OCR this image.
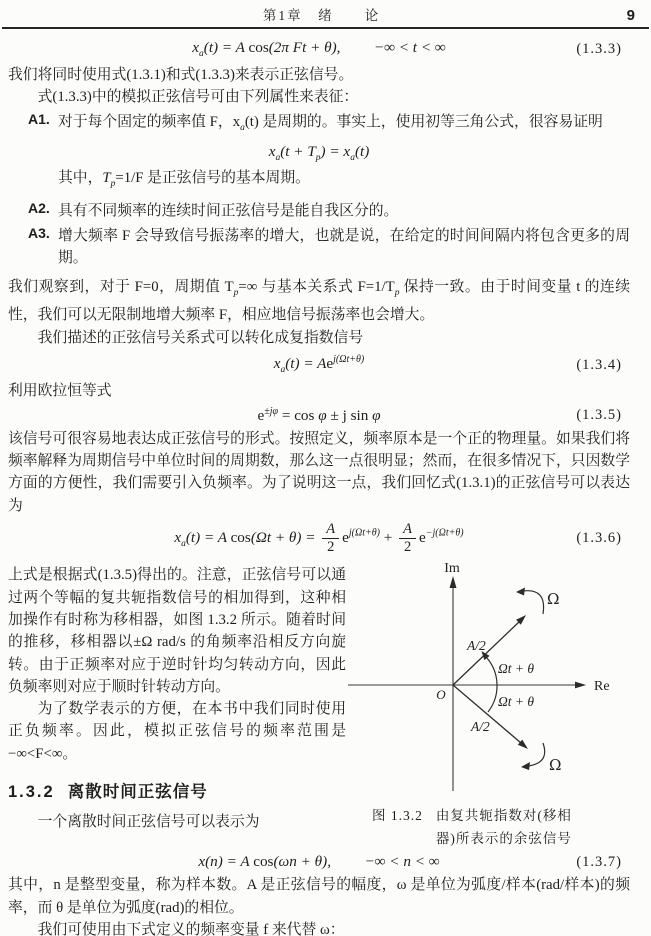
第1章　绪　　论	9
$x_a(t) = A$ cos(2π Ft + θ), −∞ < t < ∞	(1.3.3)

我们将同时使用式(1.3.1)和式(1.3.3)来表示正弦信号。

式(1.3.3)中的模拟正弦信号可由下列属性来表征：

A1. 对于每个固定的频率值 F，$x_a(t)$ 是周期的。事实上，使用初等三角公式，很容易证明

$x_a(t + T_p) = x_a(t)$

其中，$T_p=1/F$ 是正弦信号的基本周期。

A2. 具有不同频率的连续时间正弦信号是能自我区分的。

A3. 增大频率 F 会导致信号振荡率的增大，也就是说，在给定的时间间隔内将包含更多的周期。

我们观察到，对于 F=0，周期值 $T_p=\infty$ 与基本关系式 $F=1/T_p$ 保持一致。由于时间变量 t 的连续性，我们可以无限制地增大频率 F，相应地信号振荡率也会增大。

我们描述的正弦信号关系式可以转化成复指数信号

$x_a(t) = Ae^{j(\Omega t+\theta)}$	(1.3.4)

利用欧拉恒等式

$e^{\pm j\varphi} = \cos \varphi \pm j$ sin φ	(1.3.5)

该信号可很容易地表达成正弦信号的形式。按照定义，频率原本是一个正的物理量。如果我们将频率解释为周期信号中单位时间的周期数，那么这一点很明显；然而，在很多情况下，只因数学方面的方便性，我们需要引入负频率。为了说明这一点，我们回忆式(1.3.1)的正弦信号可以表达为

$x_a(t) = A$ $\cos(\Omega t + \theta) = \frac{A}{2} e^{j(\Omega t+\theta)} + \frac{A}{2} e^{-j(\Omega t+\theta)}$	(1.3.6)

上式是根据式(1.3.5)得出的。注意，正弦信号可以通过两个等幅的复共轭指数信号的相加得到，这种相加操作有时称为移相器，如图 1.3.2 所示。随着时间的推移，移相器以±Ω rad/s 的角频率沿相反方向旋转。由于正频率对应于逆时针均匀转动方向，因此负频率则对应于顺时针转动方向。

为了数学表示的方便，在本书中我们同时使用正负频率。因此，模拟正弦信号的频率范围是 −∞<F<∞。

1.3.2 离散时间正弦信号

一个离散时间正弦信号可以表示为

Im
Re
O
A/2
A/2
Ωt + θ
Ωt + θ
Ω
Ω
图 1.3.2 由复共轭指数对(移相
器)所表示的余弦信号
x(n) = A cos(ωn + θ), −∞ < n < ∞	(1.3.7)

其中，n 是整型变量，称为样本数。A 是正弦信号的幅度，ω 是单位为弧度/样本(rad/样本)的频率，而 θ 是单位为弧度(rad)的相位。

我们可使用由下式定义的频率变量 f 来代替 ω：
